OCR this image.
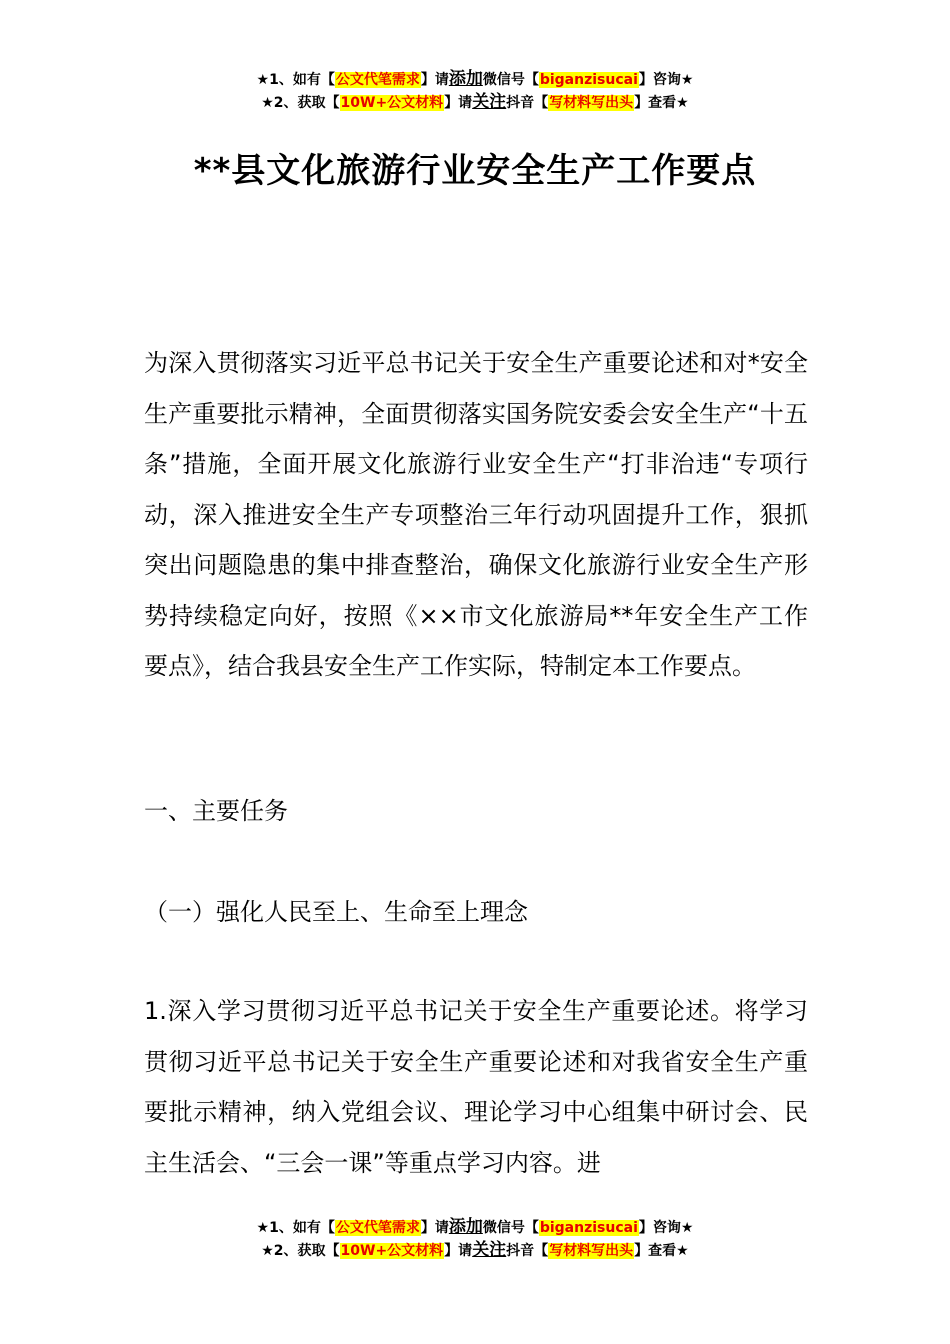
★1、如有【公文代笔需求】请添加微信号【biganzisucai】咨询★
★2、获取【10W+公文材料】请关注抖音【写材料写出头】查看★
**县文化旅游行业安全生产工作要点
为深入贯彻落实习近平总书记关于安全生产重要论述和对*安全生产重要批示精神，全面贯彻落实国务院安委会安全生产“十五条”措施，全面开展文化旅游行业安全生产“打非治违“专项行动，深入推进安全生产专项整治三年行动巩固提升工作，狠抓突出问题隐患的集中排查整治，确保文化旅游行业安全生产形势持续稳定向好，按照《××市文化旅游局**年安全生产工作要点》，结合我县安全生产工作实际，特制定本工作要点。
一、主要任务
（一）强化人民至上、生命至上理念
1.深入学习贯彻习近平总书记关于安全生产重要论述。将学习贯彻习近平总书记关于安全生产重要论述和对我省安全生产重要批示精神，纳入党组会议、理论学习中心组集中研讨会、民主生活会、“三会一课”等重点学习内容。进
★1、如有【公文代笔需求】请添加微信号【biganzisucai】咨询★
★2、获取【10W+公文材料】请关注抖音【写材料写出头】查看★
